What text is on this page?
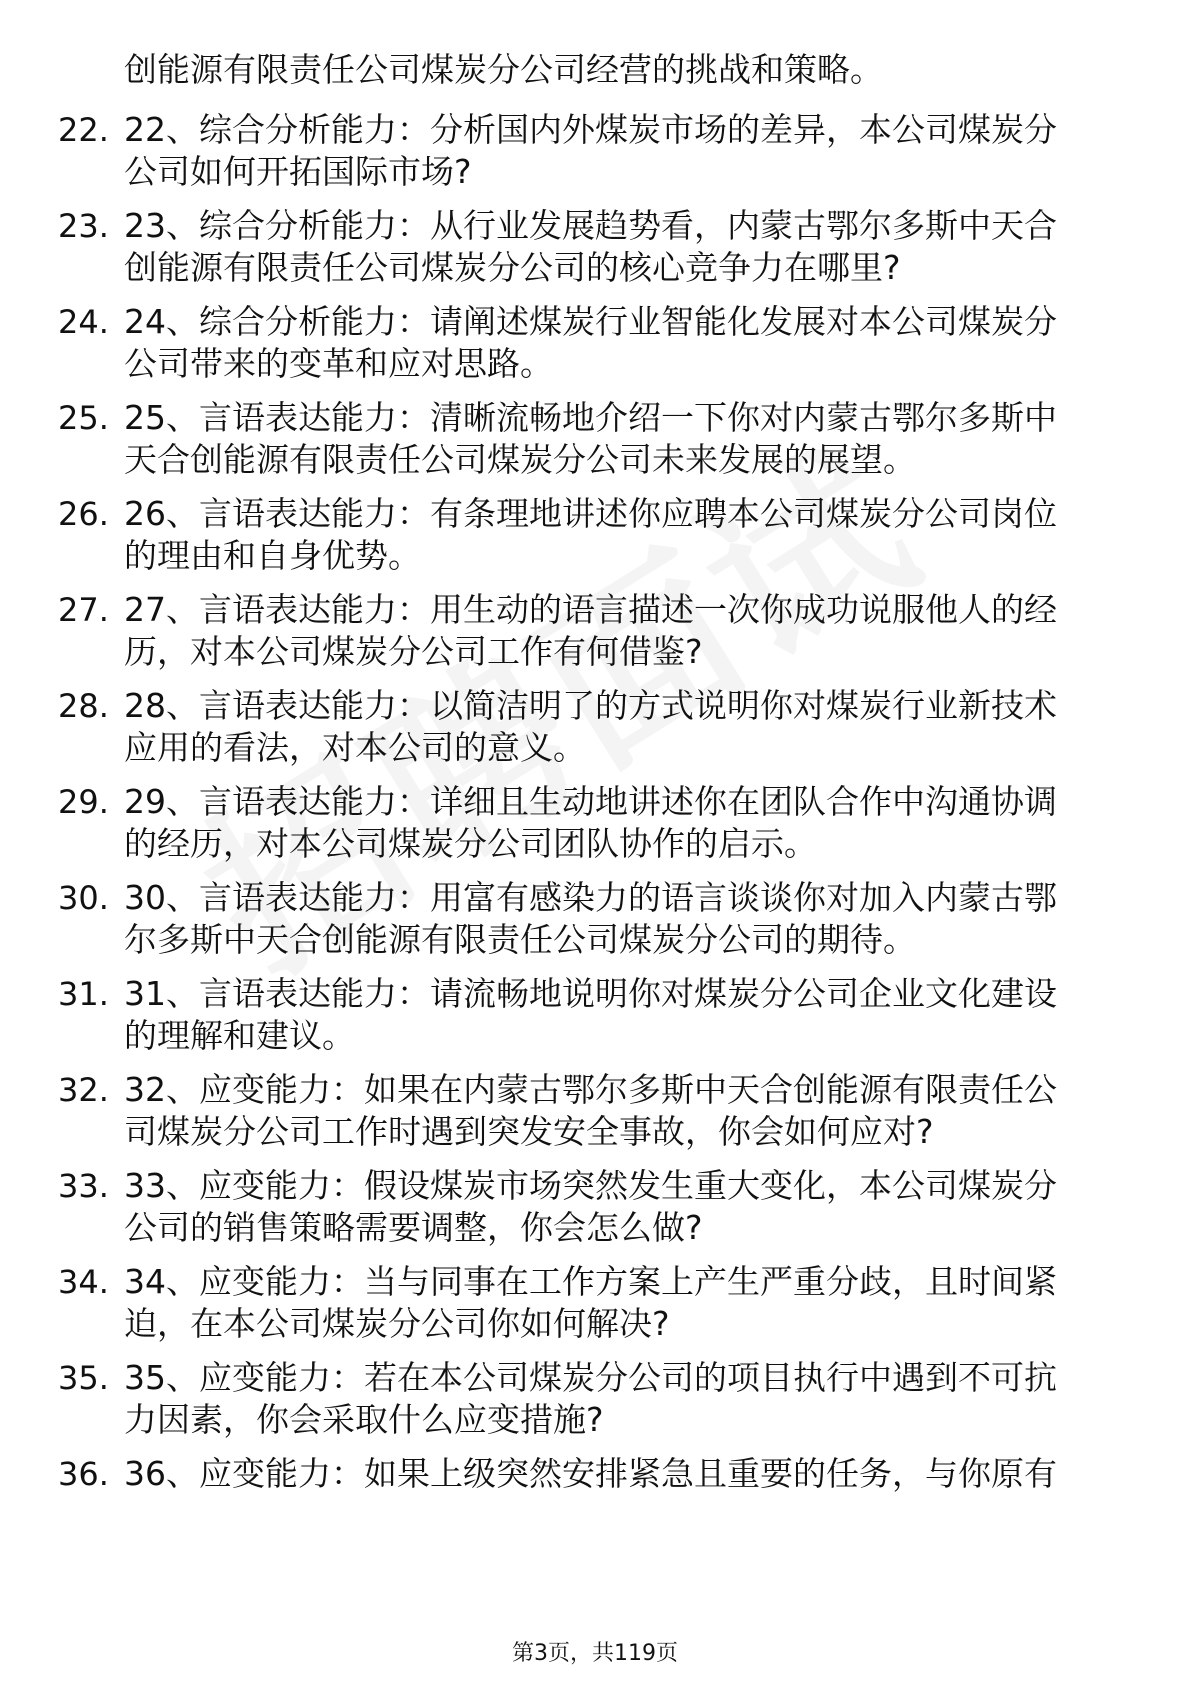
创能源有限责任公司煤炭分公司经营的挑战和策略。
22. 22、综合分析能力：分析国内外煤炭市场的差异，本公司煤炭分
公司如何开拓国际市场?
23. 23、综合分析能力：从行业发展趋势看，内蒙古鄂尔多斯中天合
创能源有限责任公司煤炭分公司的核心竞争力在哪里?
24. 24、综合分析能力：请阐述煤炭行业智能化发展对本公司煤炭分
公司带来的变革和应对思路。
25. 25、言语表达能力：清晰流畅地介绍一下你对内蒙古鄂尔多斯中
天合创能源有限责任公司煤炭分公司未来发展的展望。
26. 26、言语表达能力：有条理地讲述你应聘本公司煤炭分公司岗位
的理由和自身优势。
27. 27、言语表达能力：用生动的语言描述一次你成功说服他人的经
历，对本公司煤炭分公司工作有何借鉴?
28. 28、言语表达能力：以简洁明了的方式说明你对煤炭行业新技术
应用的看法，对本公司的意义。
29. 29、言语表达能力：详细且生动地讲述你在团队合作中沟通协调
的经历，对本公司煤炭分公司团队协作的启示。
30. 30、言语表达能力：用富有感染力的语言谈谈你对加入内蒙古鄂
尔多斯中天合创能源有限责任公司煤炭分公司的期待。
31. 31、言语表达能力：请流畅地说明你对煤炭分公司企业文化建设
的理解和建议。
32. 32、应变能力：如果在内蒙古鄂尔多斯中天合创能源有限责任公
司煤炭分公司工作时遇到突发安全事故，你会如何应对?
33. 33、应变能力：假设煤炭市场突然发生重大变化，本公司煤炭分
公司的销售策略需要调整，你会怎么做?
34. 34、应变能力：当与同事在工作方案上产生严重分歧，且时间紧
迫，在本公司煤炭分公司你如何解决?
35. 35、应变能力：若在本公司煤炭分公司的项目执行中遇到不可抗
力因素，你会采取什么应变措施?
36. 36、应变能力：如果上级突然安排紧急且重要的任务，与你原有
第3页，共119页
